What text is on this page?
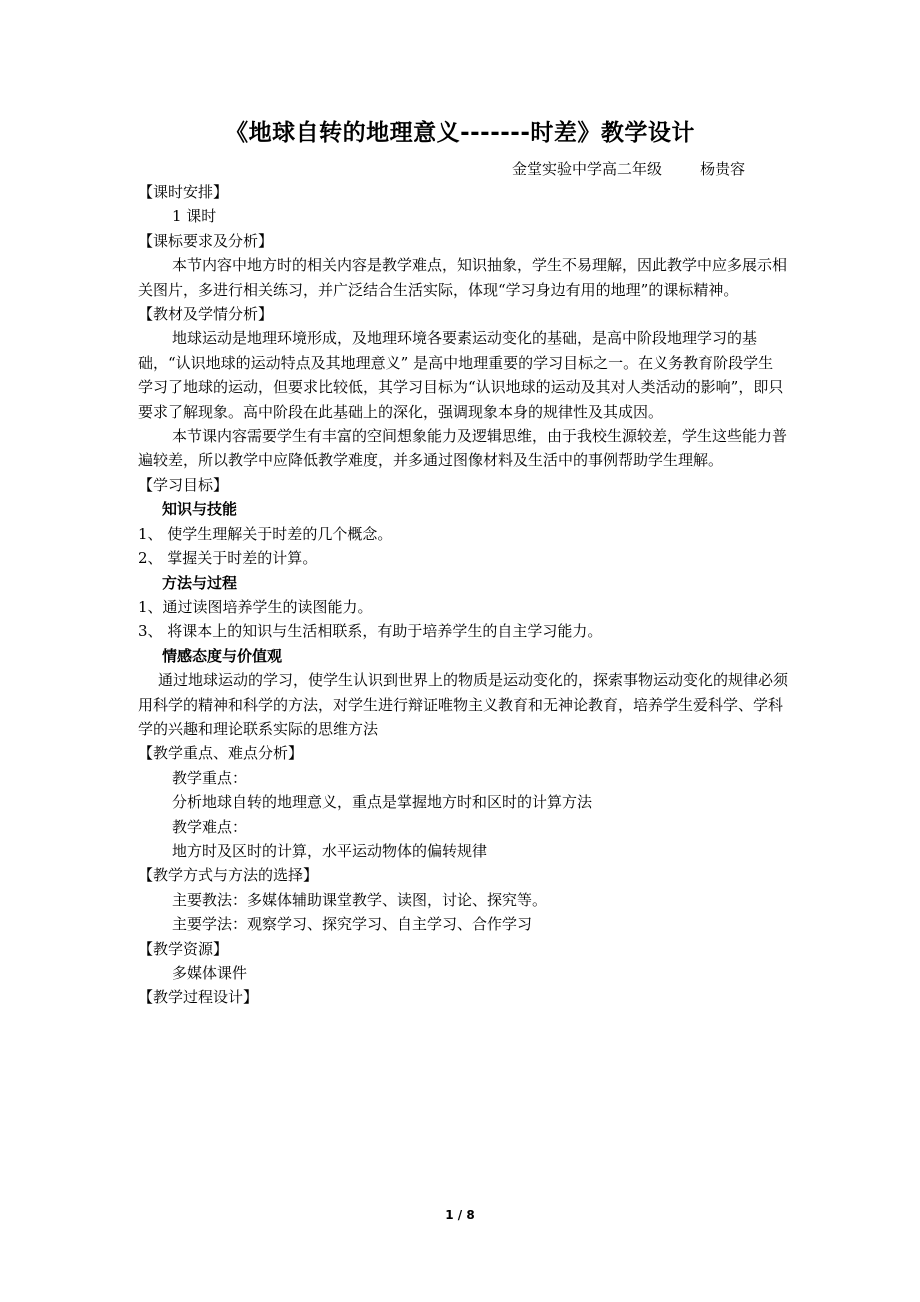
《地球自转的地理意义-------时差》教学设计
金堂实验中学高二年级        杨贵容

【课时安排】

1 课时

【课标要求及分析】

本节内容中地方时的相关内容是教学难点，知识抽象，学生不易理解，因此教学中应多展示相关图片，多进行相关练习，并广泛结合生活实际，体现“学习身边有用的地理”的课标精神。

【教材及学情分析】

地球运动是地理环境形成，及地理环境各要素运动变化的基础，是高中阶段地理学习的基础，“认识地球的运动特点及其地理意义” 是高中地理重要的学习目标之一。在义务教育阶段学生学习了地球的运动，但要求比较低，其学习目标为“认识地球的运动及其对人类活动的影响”，即只要求了解现象。高中阶段在此基础上的深化，强调现象本身的规律性及其成因。

本节课内容需要学生有丰富的空间想象能力及逻辑思维，由于我校生源较差，学生这些能力普遍较差，所以教学中应降低教学难度，并多通过图像材料及生活中的事例帮助学生理解。

【学习目标】

知识与技能

1、 使学生理解关于时差的几个概念。

2、 掌握关于时差的计算。

方法与过程

1、通过读图培养学生的读图能力。

3、 将课本上的知识与生活相联系，有助于培养学生的自主学习能力。

情感态度与价值观

通过地球运动的学习，使学生认识到世界上的物质是运动变化的，探索事物运动变化的规律必须用科学的精神和科学的方法，对学生进行辩证唯物主义教育和无神论教育，培养学生爱科学、学科学的兴趣和理论联系实际的思维方法

【教学重点、难点分析】

教学重点：

分析地球自转的地理意义，重点是掌握地方时和区时的计算方法

教学难点：

地方时及区时的计算，水平运动物体的偏转规律

【教学方式与方法的选择】

主要教法：多媒体辅助课堂教学、读图，讨论、探究等。

主要学法：观察学习、探究学习、自主学习、合作学习

【教学资源】

多媒体课件

【教学过程设计】

1 / 8
